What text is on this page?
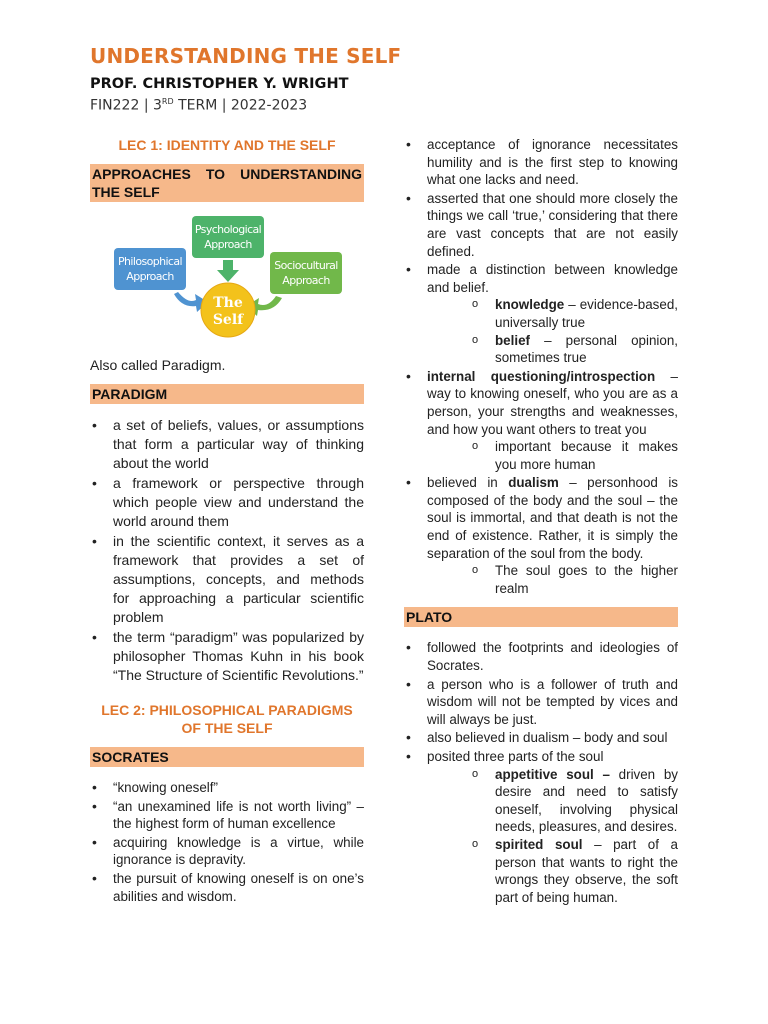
UNDERSTANDING THE SELF
PROF. CHRISTOPHER Y. WRIGHT
FIN222 | 3RD TERM | 2022-2023
LEC 1: IDENTITY AND THE SELF
APPROACHES TO UNDERSTANDING THE SELF
Psychological
Approach
Philosophical
Approach
Sociocultural
Approach
The
Self
Also called Paradigm.
PARADIGM
• a set of beliefs, values, or assumptions that form a particular way of thinking about the world
• a framework or perspective through which people view and understand the world around them
• in the scientific context, it serves as a framework that provides a set of assumptions, concepts, and methods for approaching a particular scientific problem
• the term “paradigm” was popularized by philosopher Thomas Kuhn in his book “The Structure of Scientific Revolutions.”
LEC 2: PHILOSOPHICAL PARADIGMS
OF THE SELF
SOCRATES
• “knowing oneself”
• “an unexamined life is not worth living” – the highest form of human excellence
• acquiring knowledge is a virtue, while ignorance is depravity.
• the pursuit of knowing oneself is on one’s abilities and wisdom.
• acceptance of ignorance necessitates humility and is the first step to knowing what one lacks and need.
• asserted that one should more closely the things we call ‘true,’ considering that there are vast concepts that are not easily defined.
• made a distinction between knowledge and belief.
o knowledge – evidence-based, universally true
o belief – personal opinion, sometimes true
• internal questioning/introspection – way to knowing oneself, who you are as a person, your strengths and weaknesses, and how you want others to treat you
o important because it makes you more human
• believed in dualism – personhood is composed of the body and the soul – the soul is immortal, and that death is not the end of existence. Rather, it is simply the separation of the soul from the body.
o The soul goes to the higher realm
PLATO
• followed the footprints and ideologies of Socrates.
• a person who is a follower of truth and wisdom will not be tempted by vices and will always be just.
• also believed in dualism – body and soul
• posited three parts of the soul
o appetitive soul – driven by desire and need to satisfy oneself, involving physical needs, pleasures, and desires.
o spirited soul – part of a person that wants to right the wrongs they observe, the soft part of being human.
